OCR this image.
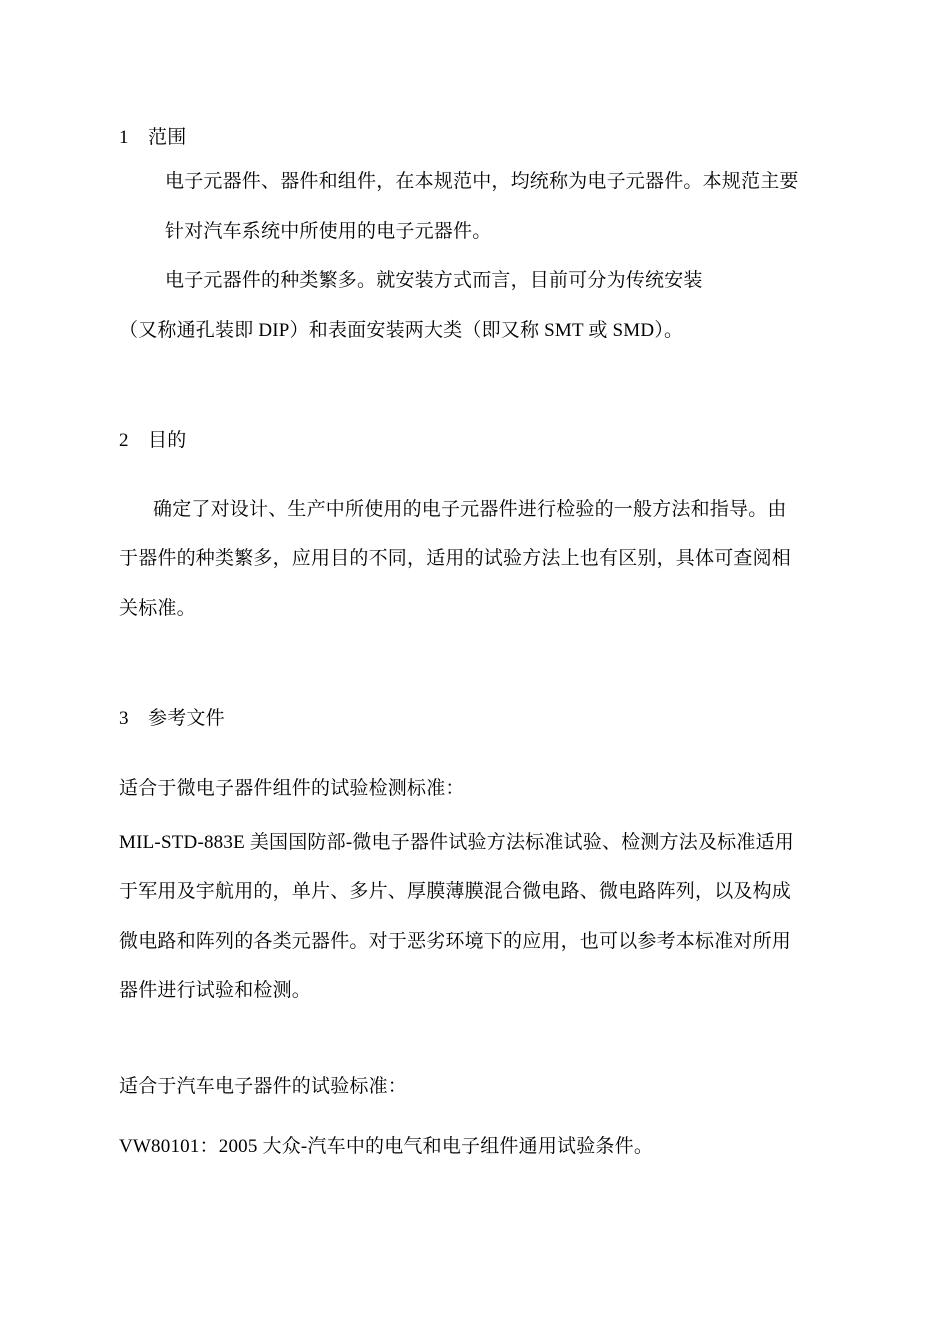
1 范围
电子元器件、器件和组件，在本规范中，均统称为电子元器件。本规范主要
针对汽车系统中所使用的电子元器件。
电子元器件的种类繁多。就安装方式而言，目前可分为传统安装
（又称通孔装即 DIP）和表面安装两大类（即又称 SMT 或 SMD）。
2 目的
确定了对设计、生产中所使用的电子元器件进行检验的一般方法和指导。由
于器件的种类繁多，应用目的不同，适用的试验方法上也有区别，具体可查阅相
关标准。
3 参考文件
适合于微电子器件组件的试验检测标准：
MIL-STD-883E 美国国防部-微电子器件试验方法标准试验、检测方法及标准适用
于军用及宇航用的，单片、多片、厚膜薄膜混合微电路、微电路阵列，以及构成
微电路和阵列的各类元器件。对于恶劣环境下的应用，也可以参考本标准对所用
器件进行试验和检测。
适合于汽车电子器件的试验标准：
VW80101：2005 大众-汽车中的电气和电子组件通用试验条件。
